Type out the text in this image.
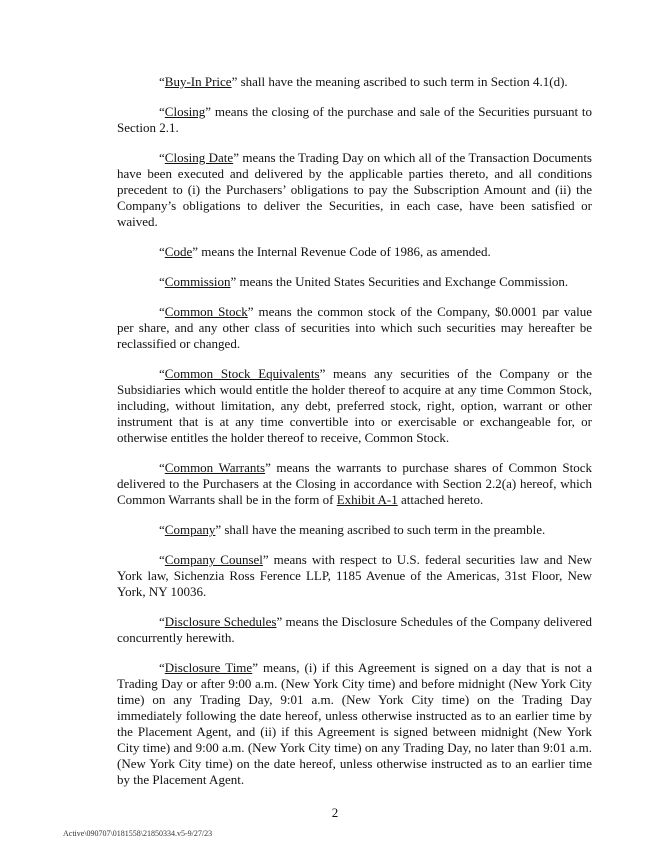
“Buy-In Price” shall have the meaning ascribed to such term in Section 4.1(d).

“Closing” means the closing of the purchase and sale of the Securities pursuant to Section 2.1.

“Closing Date” means the Trading Day on which all of the Transaction Documents have been executed and delivered by the applicable parties thereto, and all conditions precedent to (i) the Purchasers’ obligations to pay the Subscription Amount and (ii) the Company’s obligations to deliver the Securities, in each case, have been satisfied or waived.

“Code” means the Internal Revenue Code of 1986, as amended.

“Commission” means the United States Securities and Exchange Commission.

“Common Stock” means the common stock of the Company, $0.0001 par value per share, and any other class of securities into which such securities may hereafter be reclassified or changed.

“Common Stock Equivalents” means any securities of the Company or the Subsidiaries which would entitle the holder thereof to acquire at any time Common Stock, including, without limitation, any debt, preferred stock, right, option, warrant or other instrument that is at any time convertible into or exercisable or exchangeable for, or otherwise entitles the holder thereof to receive, Common Stock.

“Common Warrants” means the warrants to purchase shares of Common Stock delivered to the Purchasers at the Closing in accordance with Section 2.2(a) hereof, which Common Warrants shall be in the form of Exhibit A-1 attached hereto.

“Company” shall have the meaning ascribed to such term in the preamble.

“Company Counsel” means with respect to U.S. federal securities law and New York law, Sichenzia Ross Ference LLP, 1185 Avenue of the Americas, 31st Floor, New York, NY 10036.

“Disclosure Schedules” means the Disclosure Schedules of the Company delivered concurrently herewith.

“Disclosure Time” means, (i) if this Agreement is signed on a day that is not a Trading Day or after 9:00 a.m. (New York City time) and before midnight (New York City time) on any Trading Day, 9:01 a.m. (New York City time) on the Trading Day immediately following the date hereof, unless otherwise instructed as to an earlier time by the Placement Agent, and (ii) if this Agreement is signed between midnight (New York City time) and 9:00 a.m. (New York City time) on any Trading Day, no later than 9:01 a.m. (New York City time) on the date hereof, unless otherwise instructed as to an earlier time by the Placement Agent.

2
Active\090707\0181558\21850334.v5-9/27/23
